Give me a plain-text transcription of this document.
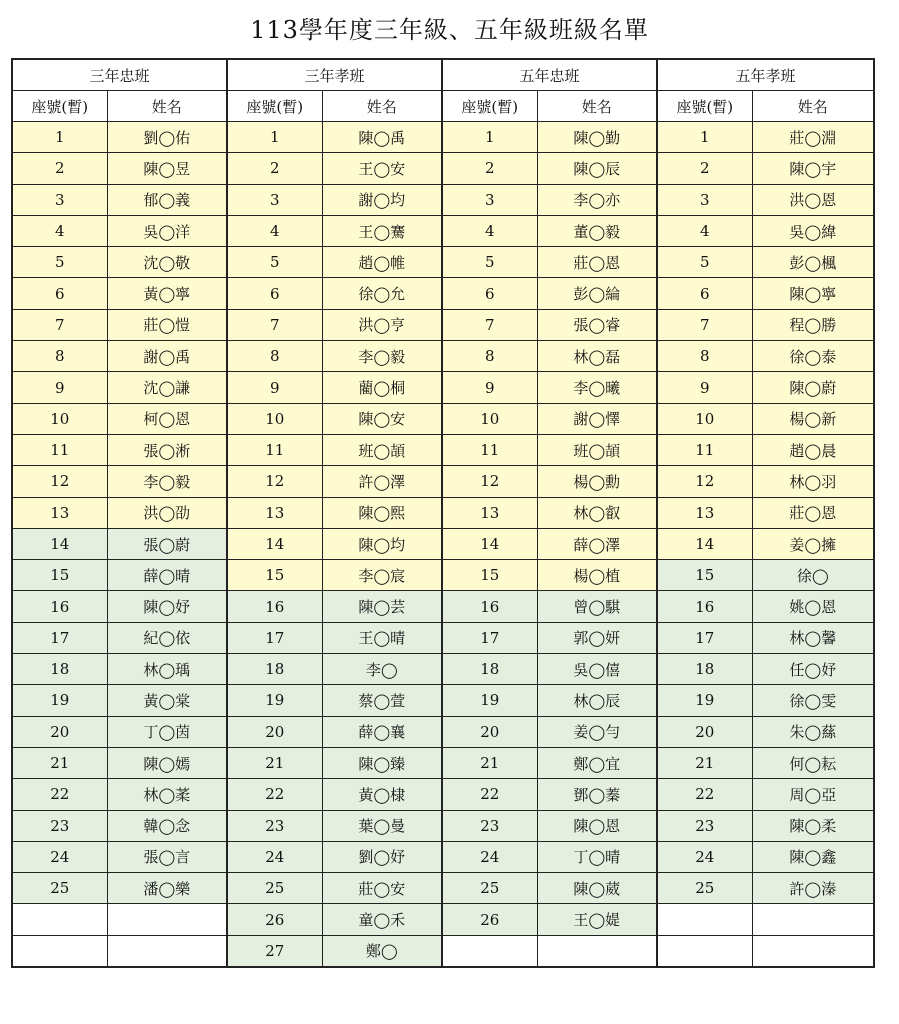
113學年度三年級、五年級班級名單
三年忠班		三年孝班		五年忠班		五年孝班	
座號(暫)	姓名	座號(暫)	姓名	座號(暫)	姓名	座號(暫)	姓名
1	劉◯佑	1	陳◯禹	1	陳◯勤	1	莊◯淵
2	陳◯昱	2	王◯安	2	陳◯辰	2	陳◯宇
3	郁◯義	3	謝◯均	3	李◯亦	3	洪◯恩
4	吳◯洋	4	王◯騫	4	董◯毅	4	吳◯緯
5	沈◯敬	5	趙◯帷	5	莊◯恩	5	彭◯楓
6	黃◯寧	6	徐◯允	6	彭◯綸	6	陳◯寧
7	莊◯愷	7	洪◯亨	7	張◯睿	7	程◯勝
8	謝◯禹	8	李◯毅	8	林◯磊	8	徐◯泰
9	沈◯謙	9	藺◯桐	9	李◯曦	9	陳◯蔚
10	柯◯恩	10	陳◯安	10	謝◯懌	10	楊◯新
11	張◯淅	11	班◯頡	11	班◯頡	11	趙◯晨
12	李◯毅	12	許◯澤	12	楊◯勳	12	林◯羽
13	洪◯劭	13	陳◯熙	13	林◯叡	13	莊◯恩
14	張◯蔚	14	陳◯均	14	薛◯澤	14	姜◯擁
15	薛◯晴	15	李◯宸	15	楊◯植	15	徐◯
16	陳◯妤	16	陳◯芸	16	曾◯騏	16	姚◯恩
17	紀◯依	17	王◯晴	17	郭◯妍	17	林◯馨
18	林◯瑀	18	李◯	18	吳◯僖	18	任◯妤
19	黃◯棠	19	蔡◯萱	19	林◯辰	19	徐◯雯
20	丁◯茵	20	薛◯襄	20	姜◯勻	20	朱◯蕬
21	陳◯嫣	21	陳◯臻	21	鄭◯宜	21	何◯耘
22	林◯葇	22	黃◯棣	22	鄧◯蓁	22	周◯亞
23	韓◯念	23	葉◯曼	23	陳◯恩	23	陳◯柔
24	張◯言	24	劉◯妤	24	丁◯晴	24	陳◯鑫
25	潘◯樂	25	莊◯安	25	陳◯葳	25	許◯溱
		26	童◯禾	26	王◯媞		
		27	鄭◯				
